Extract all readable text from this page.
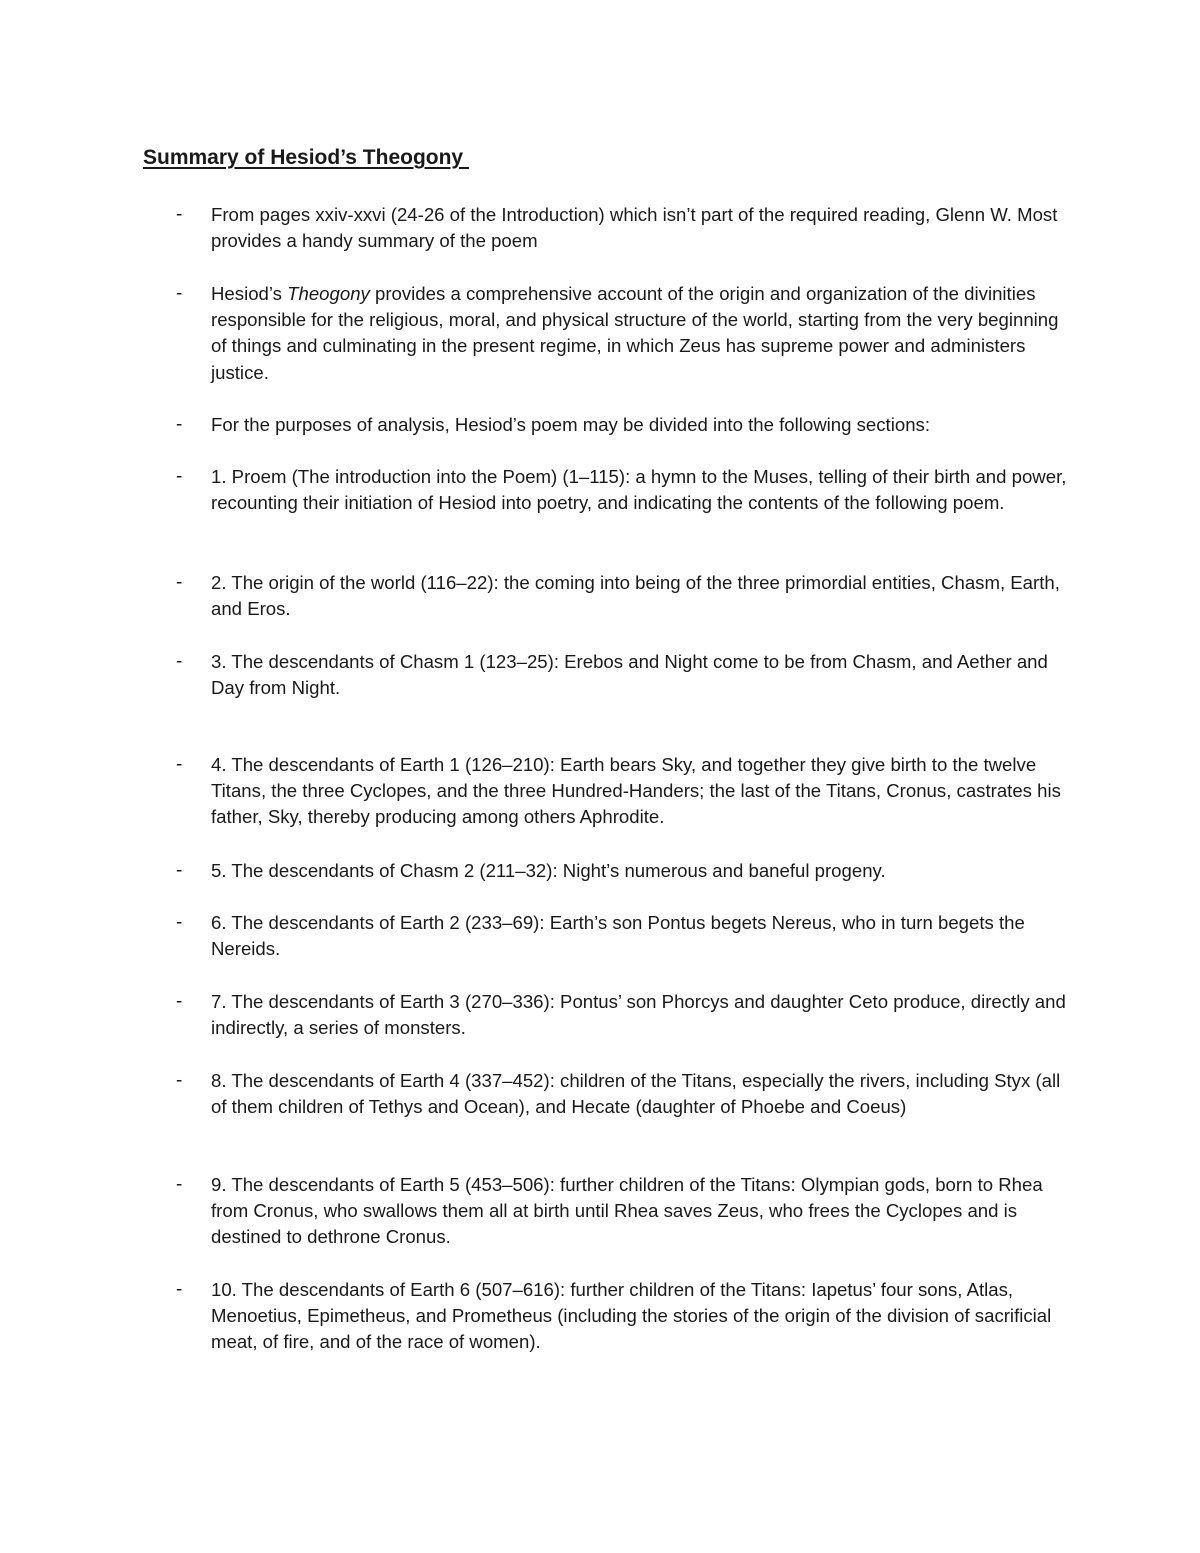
Summary of Hesiod’s Theogony
- From pages xxiv-xxvi (24-26 of the Introduction) which isn’t part of the required reading, Glenn W. Most provides a handy summary of the poem

- Hesiod’s Theogony provides a comprehensive account of the origin and organization of the divinities responsible for the religious, moral, and physical structure of the world, starting from the very beginning of things and culminating in the present regime, in which Zeus has supreme power and administers justice.

- For the purposes of analysis, Hesiod’s poem may be divided into the following sections:

- 1. Proem (The introduction into the Poem) (1–115): a hymn to the Muses, telling of their birth and power, recounting their initiation of Hesiod into poetry, and indicating the contents of the following poem.

- 2. The origin of the world (116–22): the coming into being of the three primordial entities, Chasm, Earth, and Eros.

- 3. The descendants of Chasm 1 (123–25): Erebos and Night come to be from Chasm, and Aether and Day from Night.

- 4. The descendants of Earth 1 (126–210): Earth bears Sky, and together they give birth to the twelve Titans, the three Cyclopes, and the three Hundred-Handers; the last of the Titans, Cronus, castrates his father, Sky, thereby producing among others Aphrodite.

- 5. The descendants of Chasm 2 (211–32): Night’s numerous and baneful progeny.

- 6. The descendants of Earth 2 (233–69): Earth’s son Pontus begets Nereus, who in turn begets the Nereids.

- 7. The descendants of Earth 3 (270–336): Pontus’ son Phorcys and daughter Ceto produce, directly and indirectly, a series of monsters.

- 8. The descendants of Earth 4 (337–452): children of the Titans, especially the rivers, including Styx (all of them children of Tethys and Ocean), and Hecate (daughter of Phoebe and Coeus)

- 9. The descendants of Earth 5 (453–506): further children of the Titans: Olympian gods, born to Rhea from Cronus, who swallows them all at birth until Rhea saves Zeus, who frees the Cyclopes and is destined to dethrone Cronus.

- 10. The descendants of Earth 6 (507–616): further children of the Titans: Iapetus’ four sons, Atlas, Menoetius, Epimetheus, and Prometheus (including the stories of the origin of the division of sacrificial meat, of fire, and of the race of women).
